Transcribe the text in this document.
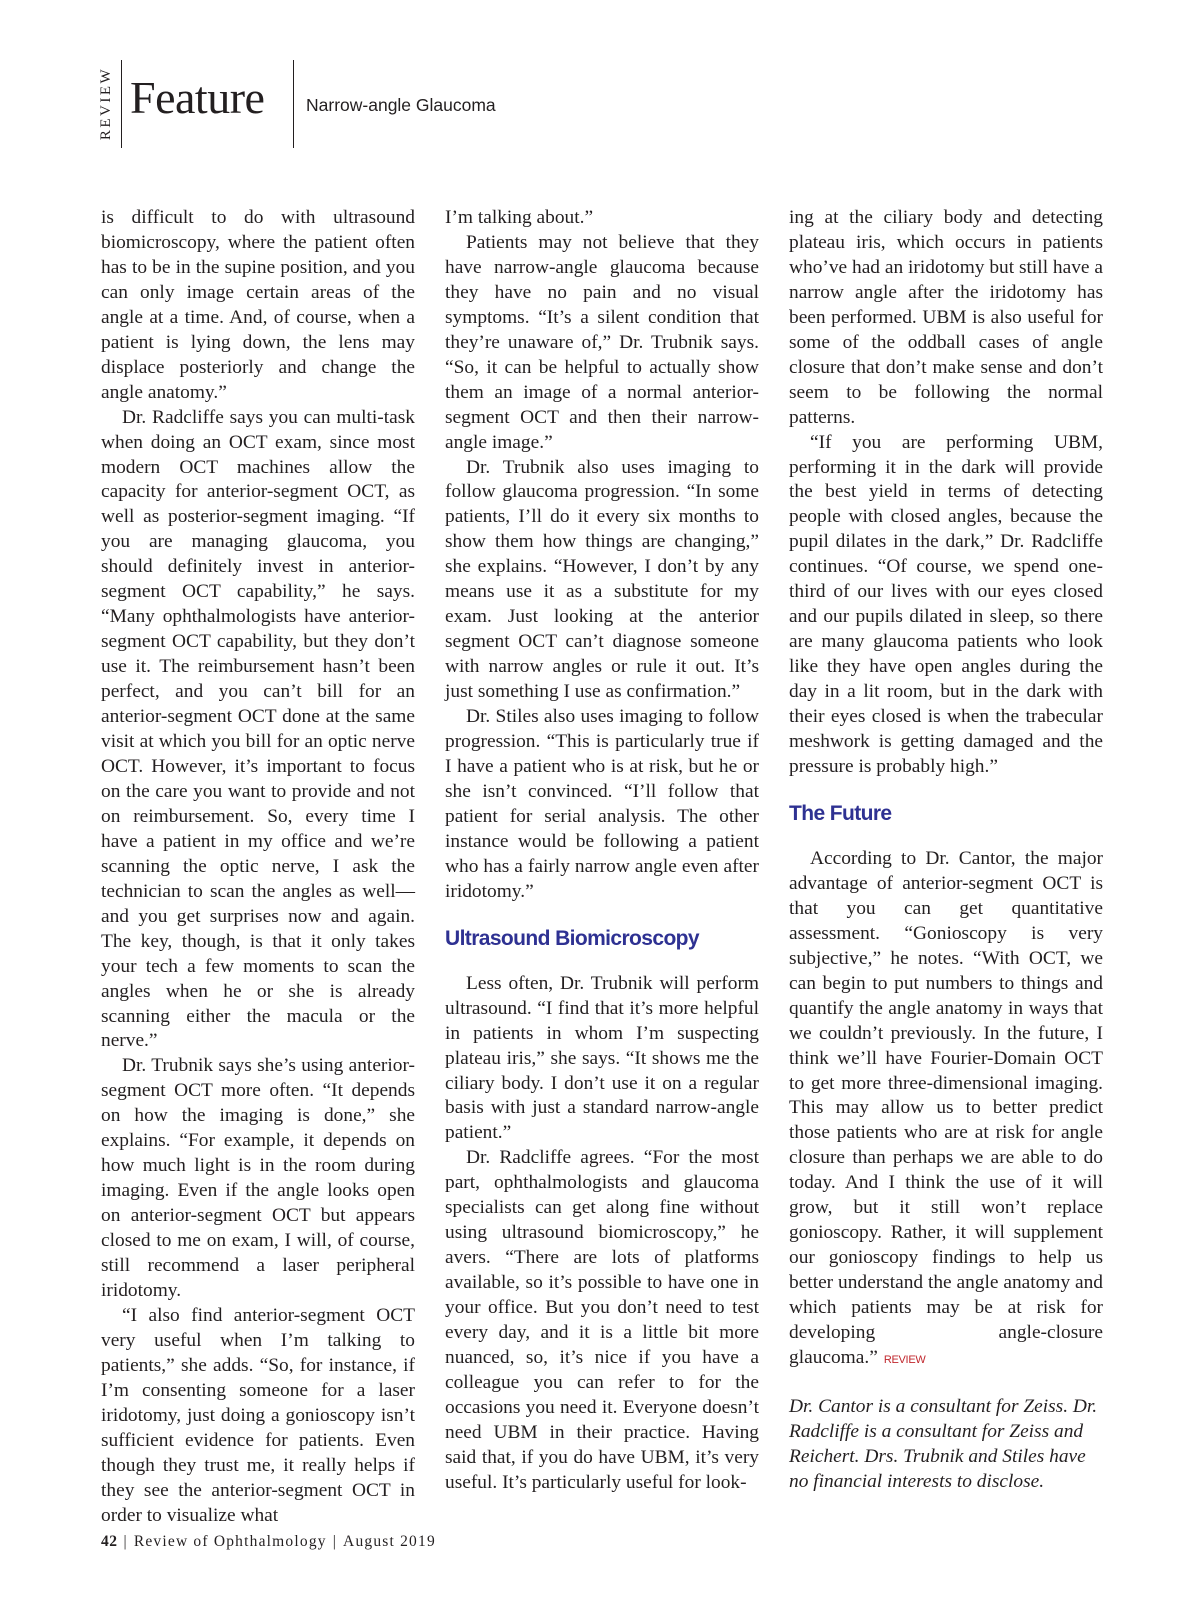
REVIEW Feature Narrow-angle Glaucoma

is difficult to do with ultrasound biomicroscopy, where the patient often has to be in the supine position, and you can only image certain areas of the angle at a time. And, of course, when a patient is lying down, the lens may displace posteriorly and change the angle anatomy.”

Dr. Radcliffe says you can multi-task when doing an OCT exam, since most modern OCT machines allow the capacity for anterior-segment OCT, as well as posterior-segment imaging. “If you are managing glaucoma, you should definitely invest in anterior-segment OCT capability,” he says. “Many ophthalmologists have anterior-segment OCT capability, but they don’t use it. The reimbursement hasn’t been perfect, and you can’t bill for an anterior-segment OCT done at the same visit at which you bill for an optic nerve OCT. However, it’s important to focus on the care you want to provide and not on reimbursement. So, every time I have a patient in my office and we’re scanning the optic nerve, I ask the technician to scan the angles as well—and you get surprises now and again. The key, though, is that it only takes your tech a few moments to scan the angles when he or she is already scanning either the macula or the nerve.”

Dr. Trubnik says she’s using anterior-segment OCT more often. “It depends on how the imaging is done,” she explains. “For example, it depends on how much light is in the room during imaging. Even if the angle looks open on anterior-segment OCT but appears closed to me on exam, I will, of course, still recommend a laser peripheral iridotomy.

“I also find anterior-segment OCT very useful when I’m talking to patients,” she adds. “So, for instance, if I’m consenting someone for a laser iridotomy, just doing a gonioscopy isn’t sufficient evidence for patients. Even though they trust me, it really helps if they see the anterior-segment OCT in order to visualize what

I’m talking about.”

Patients may not believe that they have narrow-angle glaucoma because they have no pain and no visual symptoms. “It’s a silent condition that they’re unaware of,” Dr. Trubnik says. “So, it can be helpful to actually show them an image of a normal anterior-segment OCT and then their narrow-angle image.”

Dr. Trubnik also uses imaging to follow glaucoma progression. “In some patients, I’ll do it every six months to show them how things are changing,” she explains. “However, I don’t by any means use it as a substitute for my exam. Just looking at the anterior segment OCT can’t diagnose someone with narrow angles or rule it out. It’s just something I use as confirmation.”

Dr. Stiles also uses imaging to follow progression. “This is particularly true if I have a patient who is at risk, but he or she isn’t convinced. “I’ll follow that patient for serial analysis. The other instance would be following a patient who has a fairly narrow angle even after iridotomy.”

Ultrasound Biomicroscopy

Less often, Dr. Trubnik will perform ultrasound. “I find that it’s more helpful in patients in whom I’m suspecting plateau iris,” she says. “It shows me the ciliary body. I don’t use it on a regular basis with just a standard narrow-angle patient.”

Dr. Radcliffe agrees. “For the most part, ophthalmologists and glaucoma specialists can get along fine without using ultrasound biomicroscopy,” he avers. “There are lots of platforms available, so it’s possible to have one in your office. But you don’t need to test every day, and it is a little bit more nuanced, so, it’s nice if you have a colleague you can refer to for the occasions you need it. Everyone doesn’t need UBM in their practice. Having said that, if you do have UBM, it’s very useful. It’s particularly useful for look-

ing at the ciliary body and detecting plateau iris, which occurs in patients who’ve had an iridotomy but still have a narrow angle after the iridotomy has been performed. UBM is also useful for some of the oddball cases of angle closure that don’t make sense and don’t seem to be following the normal patterns.

“If you are performing UBM, performing it in the dark will provide the best yield in terms of detecting people with closed angles, because the pupil dilates in the dark,” Dr. Radcliffe continues. “Of course, we spend one-third of our lives with our eyes closed and our pupils dilated in sleep, so there are many glaucoma patients who look like they have open angles during the day in a lit room, but in the dark with their eyes closed is when the trabecular meshwork is getting damaged and the pressure is probably high.”

The Future

According to Dr. Cantor, the major advantage of anterior-segment OCT is that you can get quantitative assessment. “Gonioscopy is very subjective,” he notes. “With OCT, we can begin to put numbers to things and quantify the angle anatomy in ways that we couldn’t previously. In the future, I think we’ll have Fourier-Domain OCT to get more three-dimensional imaging. This may allow us to better predict those patients who are at risk for angle closure than perhaps we are able to do today. And I think the use of it will grow, but it still won’t replace gonioscopy. Rather, it will supplement our gonioscopy findings to help us better understand the angle anatomy and which patients may be at risk for developing angle-closure glaucoma.” REVIEW

Dr. Cantor is a consultant for Zeiss. Dr. Radcliffe is a consultant for Zeiss and Reichert. Drs. Trubnik and Stiles have no financial interests to disclose.

42 | Review of Ophthalmology | August 2019
